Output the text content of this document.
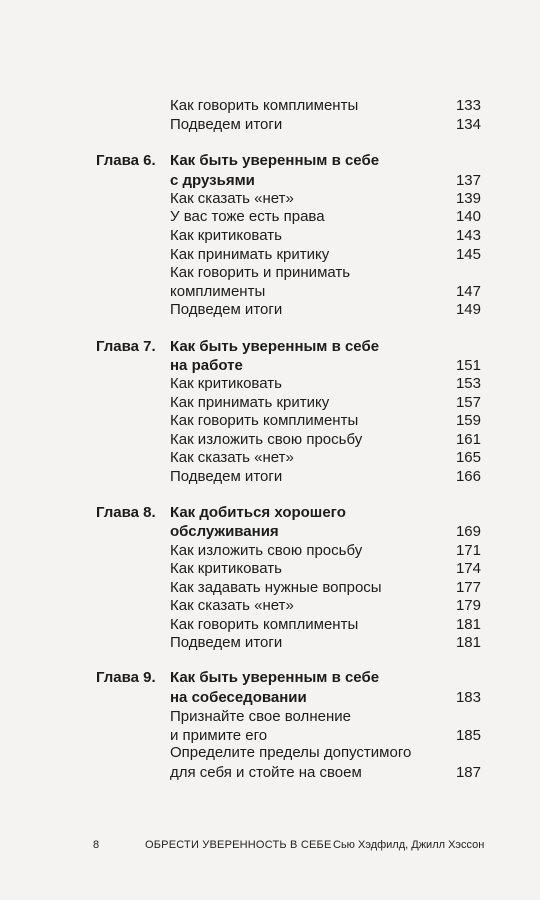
Как говорить комплименты	133
Подведем итоги	134
Глава 6. Как быть уверенным в себе
с друзьями	137
Как сказать «нет»	139
У вас тоже есть права	140
Как критиковать	143
Как принимать критику	145
Как говорить и принимать
комплименты	147
Подведем итоги	149
Глава 7. Как быть уверенным в себе
на работе	151
Как критиковать	153
Как принимать критику	157
Как говорить комплименты	159
Как изложить свою просьбу	161
Как сказать «нет»	165
Подведем итоги	166
Глава 8. Как добиться хорошего
обслуживания	169
Как изложить свою просьбу	171
Как критиковать	174
Как задавать нужные вопросы	177
Как сказать «нет»	179
Как говорить комплименты	181
Подведем итоги	181
Глава 9. Как быть уверенным в себе
на собеседовании	183
Признайте свое волнение
и примите его	185
Определите пределы допустимого
для себя и стойте на своем	187
8	ОБРЕСТИ УВЕРЕННОСТЬ В СЕБЕ Сью Хэдфилд, Джилл Хэссон
